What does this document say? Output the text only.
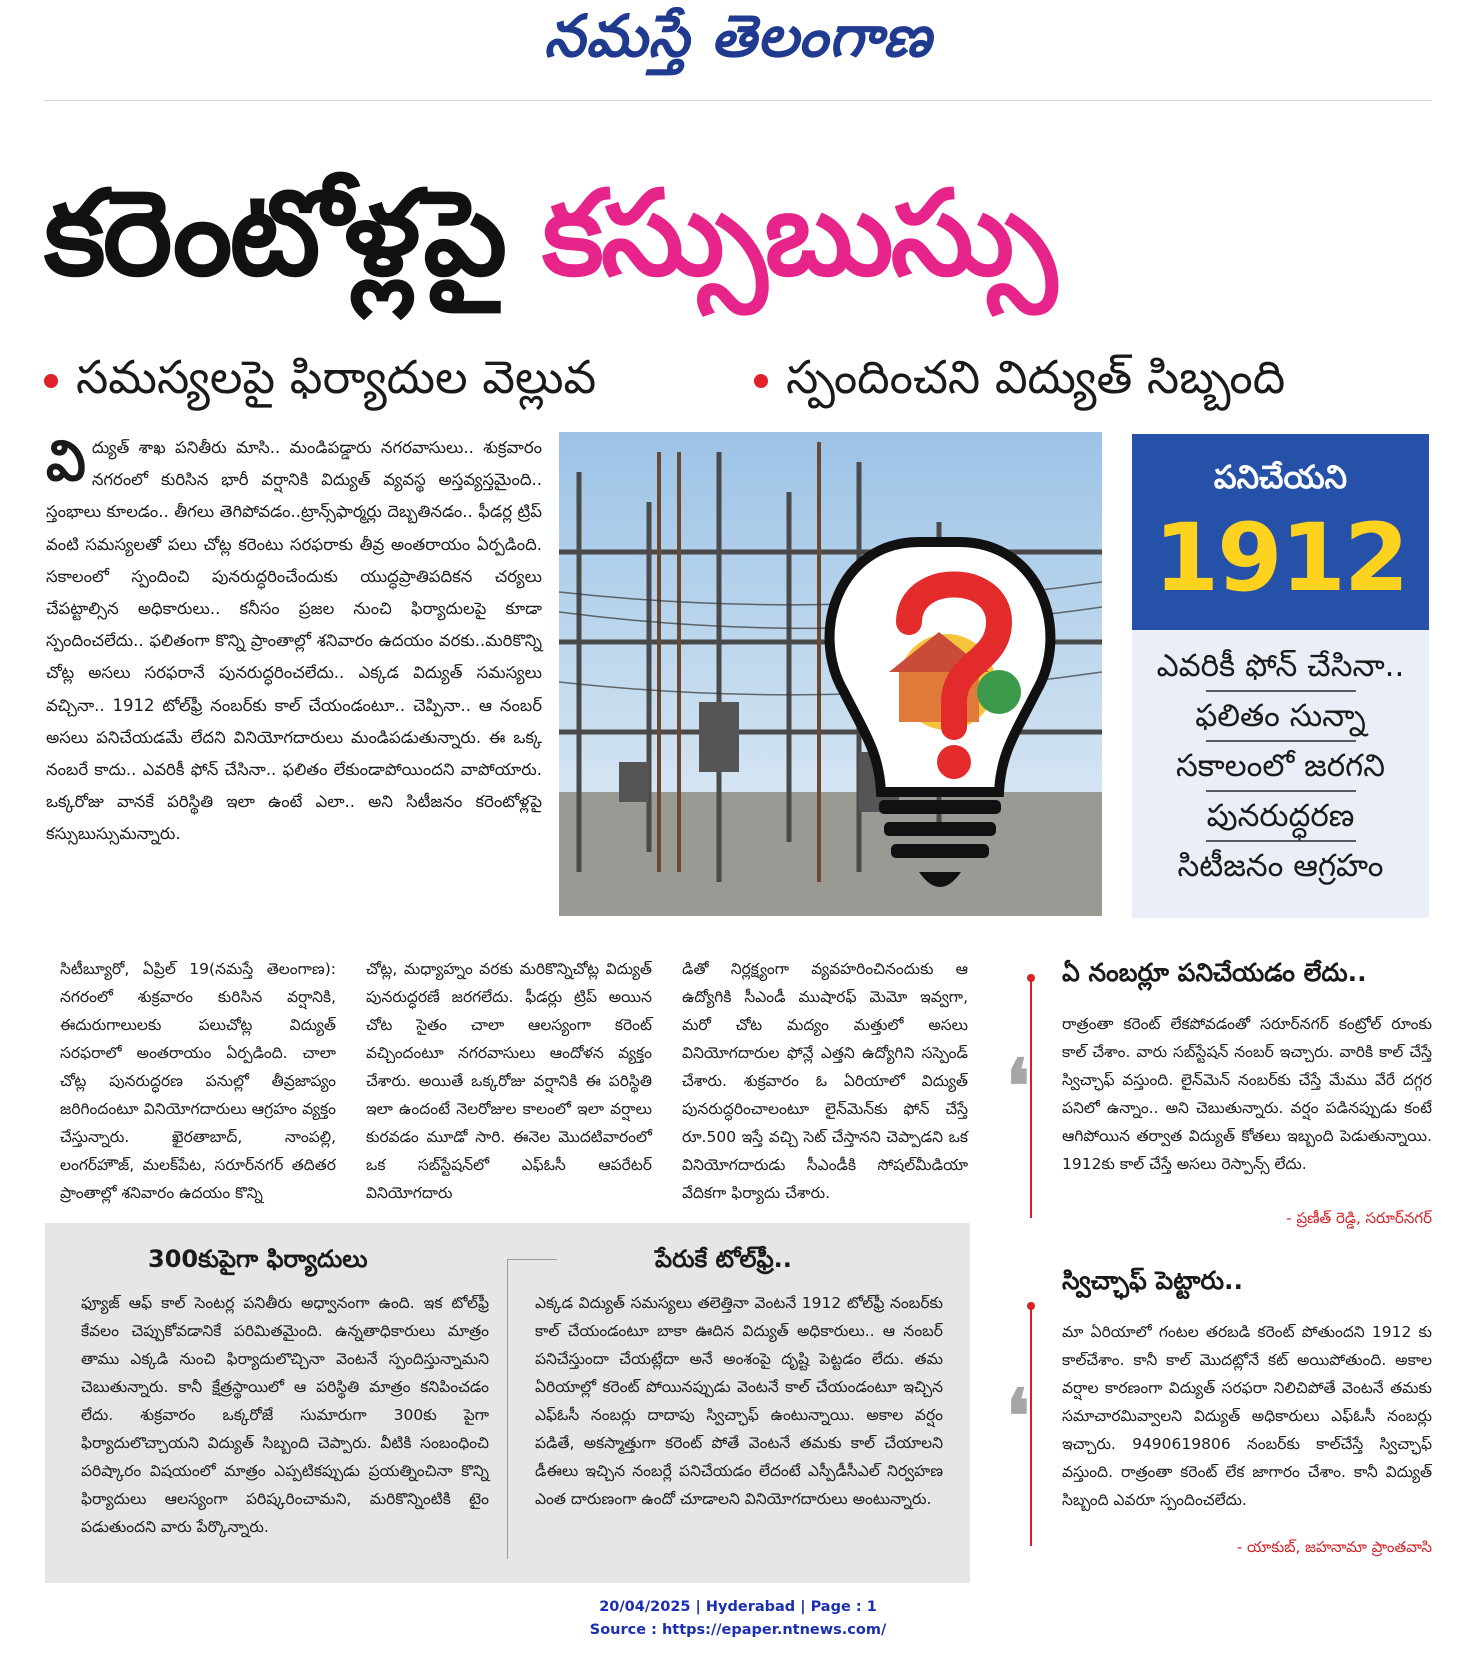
నమస్తే తెలంగాణ
కరెంటోళ్లపై కస్సుబుస్సు
సమస్యలపై ఫిర్యాదుల వెల్లువ	స్పందించని విద్యుత్ సిబ్బంది
విద్యుత్ శాఖ పనితీరు మాసి.. మండిపడ్డారు నగరవాసులు.. శుక్రవారం నగరంలో కురిసిన భారీ వర్షానికి విద్యుత్ వ్యవస్థ అస్తవ్యస్తమైంది.. స్తంభాలు కూలడం.. తీగలు తెగిపోవడం..ట్రాన్స్‌ఫార్మర్లు దెబ్బతినడం.. ఫీడర్ల ట్రిప్ వంటి సమస్యలతో పలు చోట్ల కరెంటు సరఫరాకు తీవ్ర అంతరాయం ఏర్పడింది. సకాలంలో స్పందించి పునరుద్ధరించేందుకు యుద్ధప్రాతిపదికన చర్యలు చేపట్టాల్సిన అధికారులు.. కనీసం ప్రజల నుంచి ఫిర్యాదులపై కూడా స్పందించలేదు.. ఫలితంగా కొన్ని ప్రాంతాల్లో శనివారం ఉదయం వరకు..మరికొన్ని చోట్ల అసలు సరఫరానే పునరుద్ధరించలేదు.. ఎక్కడ విద్యుత్ సమస్యలు వచ్చినా.. 1912 టోల్‌ఫ్రీ నంబర్‌కు కాల్ చేయండంటూ.. చెప్పినా.. ఆ నంబర్ అసలు పనిచేయడమే లేదని వినియోగదారులు మండిపడుతున్నారు. ఈ ఒక్క నంబరే కాదు.. ఎవరికీ ఫోన్ చేసినా.. ఫలితం లేకుండాపోయిందని వాపోయారు. ఒక్కరోజు వానకే పరిస్థితి ఇలా ఉంటే ఎలా.. అని సిటీజనం కరెంటోళ్లపై కస్సుబుస్సుమన్నారు.
పనిచేయని
1912
ఎవరికీ ఫోన్ చేసినా..
ఫలితం సున్నా
సకాలంలో జరగని
పునరుద్ధరణ
సిటీజనం ఆగ్రహం
సిటీబ్యూరో, ఏప్రిల్ 19(నమస్తే తెలంగాణ): నగరంలో శుక్రవారం కురిసిన వర్షానికి, ఈదురుగాలులకు పలుచోట్ల విద్యుత్ సరఫరాలో అంతరాయం ఏర్పడింది. చాలా చోట్ల పునరుద్ధరణ పనుల్లో తీవ్రజాప్యం జరిగిందంటూ వినియోగదారులు ఆగ్రహం వ్యక్తం చేస్తున్నారు. ఖైరతాబాద్, నాంపల్లి, లంగర్‌హౌజ్, మలక్‌పేట, సరూర్‌నగర్ తదితర ప్రాంతాల్లో శనివారం ఉదయం కొన్ని
చోట్ల, మధ్యాహ్నం వరకు మరికొన్నిచోట్ల విద్యుత్ పునరుద్ధరణే జరగలేదు. ఫీడర్లు ట్రిప్ అయిన చోట సైతం చాలా ఆలస్యంగా కరెంట్ వచ్చిందంటూ నగరవాసులు ఆందోళన వ్యక్తం చేశారు. అయితే ఒక్కరోజు వర్షానికి ఈ పరిస్థితి ఇలా ఉందంటే నెలరోజుల కాలంలో ఇలా వర్షాలు కురవడం మూడో సారి. ఈనెల మొదటివారంలో ఒక సబ్‌స్టేషన్‌లో ఎఫ్‌ఓసీ ఆపరేటర్ వినియోగదారు
డితో నిర్లక్ష్యంగా వ్యవహరించినందుకు ఆ ఉద్యోగికి సీఎండీ ముషారఫ్ మెమో ఇవ్వగా, మరో చోట మద్యం మత్తులో అసలు వినియోగదారుల ఫోన్లే ఎత్తని ఉద్యోగిని సస్పెండ్ చేశారు. శుక్రవారం ఓ ఏరియాలో విద్యుత్ పునరుద్ధరించాలంటూ లైన్‌మెన్‌కు ఫోన్ చేస్తే రూ.500 ఇస్తే వచ్చి సెట్ చేస్తానని చెప్పాడని ఒక వినియోగదారుడు సీఎండీకి సోషల్‌మీడియా వేదికగా ఫిర్యాదు చేశారు.
ఏ నంబర్లూ పనిచేయడం లేదు..
❛
రాత్రంతా కరెంట్ లేకపోవడంతో సరూర్‌నగర్ కంట్రోల్ రూంకు కాల్ చేశాం. వారు సబ్‌స్టేషన్ నంబర్ ఇచ్చారు. వారికి కాల్ చేస్తే స్విచ్ఛాఫ్ వస్తుంది. లైన్‌మెన్ నంబర్‌కు చేస్తే మేము వేరే దగ్గర పనిలో ఉన్నాం.. అని చెబుతున్నారు. వర్షం పడినప్పుడు కంటే ఆగిపోయిన తర్వాత విద్యుత్ కోతలు ఇబ్బంది పెడుతున్నాయి. 1912కు కాల్ చేస్తే అసలు రెస్పాన్స్ లేదు.
- ప్రణీత్ రెడ్డి, సరూర్‌నగర్
స్విచ్ఛాఫ్ పెట్టారు..
❛
మా ఏరియాలో గంటల తరబడి కరెంట్ పోతుందని 1912 కు కాల్‌చేశాం. కానీ కాల్ మొదట్లోనే కట్ అయిపోతుంది. అకాల వర్షాల కారణంగా విద్యుత్ సరఫరా నిలిచిపోతే వెంటనే తమకు సమాచారమివ్వాలని విద్యుత్ అధికారులు ఎఫ్‌ఓసీ నంబర్లు ఇచ్చారు. 9490619806 నంబర్‌కు కాల్‌చేస్తే స్విచ్ఛాఫ్ వస్తుంది. రాత్రంతా కరెంట్ లేక జాగారం చేశాం. కానీ విద్యుత్ సిబ్బంది ఎవరూ స్పందించలేదు.
- యాకుబ్, జహనామా ప్రాంతవాసి
300కుపైగా ఫిర్యాదులు
ఫ్యూజ్ ఆఫ్ కాల్ సెంటర్ల పనితీరు అధ్వానంగా ఉంది. ఇక టోల్‌ఫ్రీ కేవలం చెప్పుకోవడానికే పరిమితమైంది. ఉన్నతాధికారులు మాత్రం తాము ఎక్కడి నుంచి ఫిర్యాదులొచ్చినా వెంటనే స్పందిస్తున్నామని చెబుతున్నారు. కానీ క్షేత్రస్థాయిలో ఆ పరిస్థితి మాత్రం కనిపించడం లేదు. శుక్రవారం ఒక్కరోజే సుమారుగా 300కు పైగా ఫిర్యాదులొచ్చాయని విద్యుత్ సిబ్బంది చెప్పారు. వీటికి సంబంధించి పరిష్కారం విషయంలో మాత్రం ఎప్పటికప్పుడు ప్రయత్నించినా కొన్ని ఫిర్యాదులు ఆలస్యంగా పరిష్కరించామని, మరికొన్నింటికి టైం పడుతుందని వారు పేర్కొన్నారు.
పేరుకే టోల్‌ఫ్రీ..
ఎక్కడ విద్యుత్ సమస్యలు తలెత్తినా వెంటనే 1912 టోల్‌ఫ్రీ నంబర్‌కు కాల్ చేయండంటూ బాకా ఊదిన విద్యుత్ అధికారులు.. ఆ నంబర్ పనిచేస్తుందా చేయట్లేదా అనే అంశంపై దృష్టి పెట్టడం లేదు. తమ ఏరియాల్లో కరెంట్ పోయినప్పుడు వెంటనే కాల్ చేయండంటూ ఇచ్చిన ఎఫ్‌ఓసీ నంబర్లు దాదాపు స్విచ్ఛాఫ్ ఉంటున్నాయి. అకాల వర్షం పడితే, అకస్మాత్తుగా కరెంట్ పోతే వెంటనే తమకు కాల్ చేయాలని డీఈలు ఇచ్చిన నంబర్లే పనిచేయడం లేదంటే ఎస్పీడీసీఎల్ నిర్వహణ ఎంత దారుణంగా ఉందో చూడాలని వినియోగదారులు అంటున్నారు.
20/04/2025 | Hyderabad | Page : 1
Source : https://epaper.ntnews.com/
